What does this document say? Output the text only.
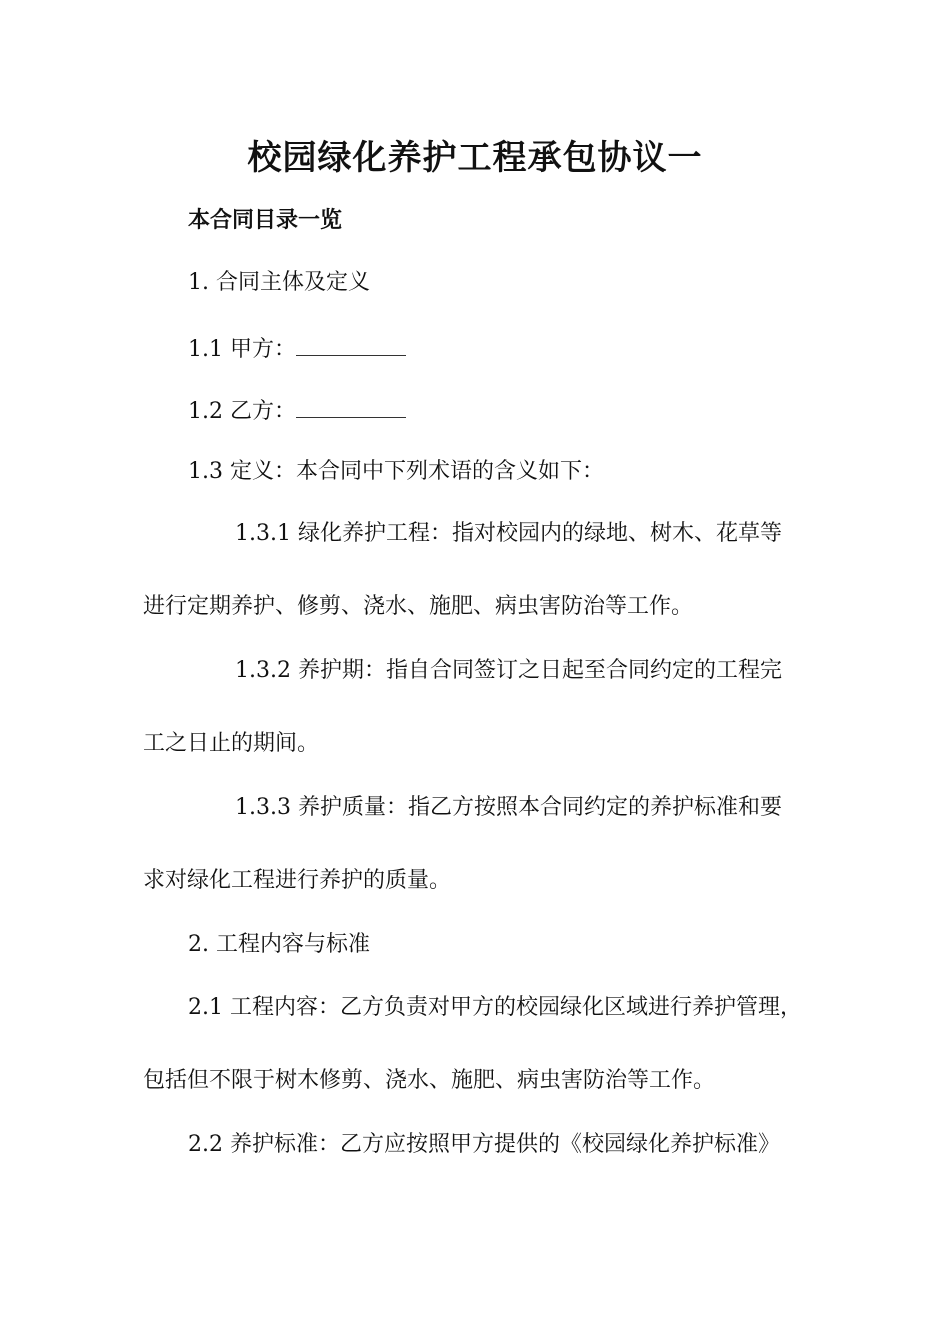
校园绿化养护工程承包协议一
本合同目录一览
1. 合同主体及定义
1.1 甲方：
1.2 乙方：
1.3 定义：本合同中下列术语的含义如下：
1.3.1 绿化养护工程：指对校园内的绿地、树木、花草等
进行定期养护、修剪、浇水、施肥、病虫害防治等工作。
1.3.2 养护期：指自合同签订之日起至合同约定的工程完
工之日止的期间。
1.3.3 养护质量：指乙方按照本合同约定的养护标准和要
求对绿化工程进行养护的质量。
2. 工程内容与标准
2.1 工程内容：乙方负责对甲方的校园绿化区域进行养护管理，
包括但不限于树木修剪、浇水、施肥、病虫害防治等工作。
2.2 养护标准：乙方应按照甲方提供的《校园绿化养护标准》
